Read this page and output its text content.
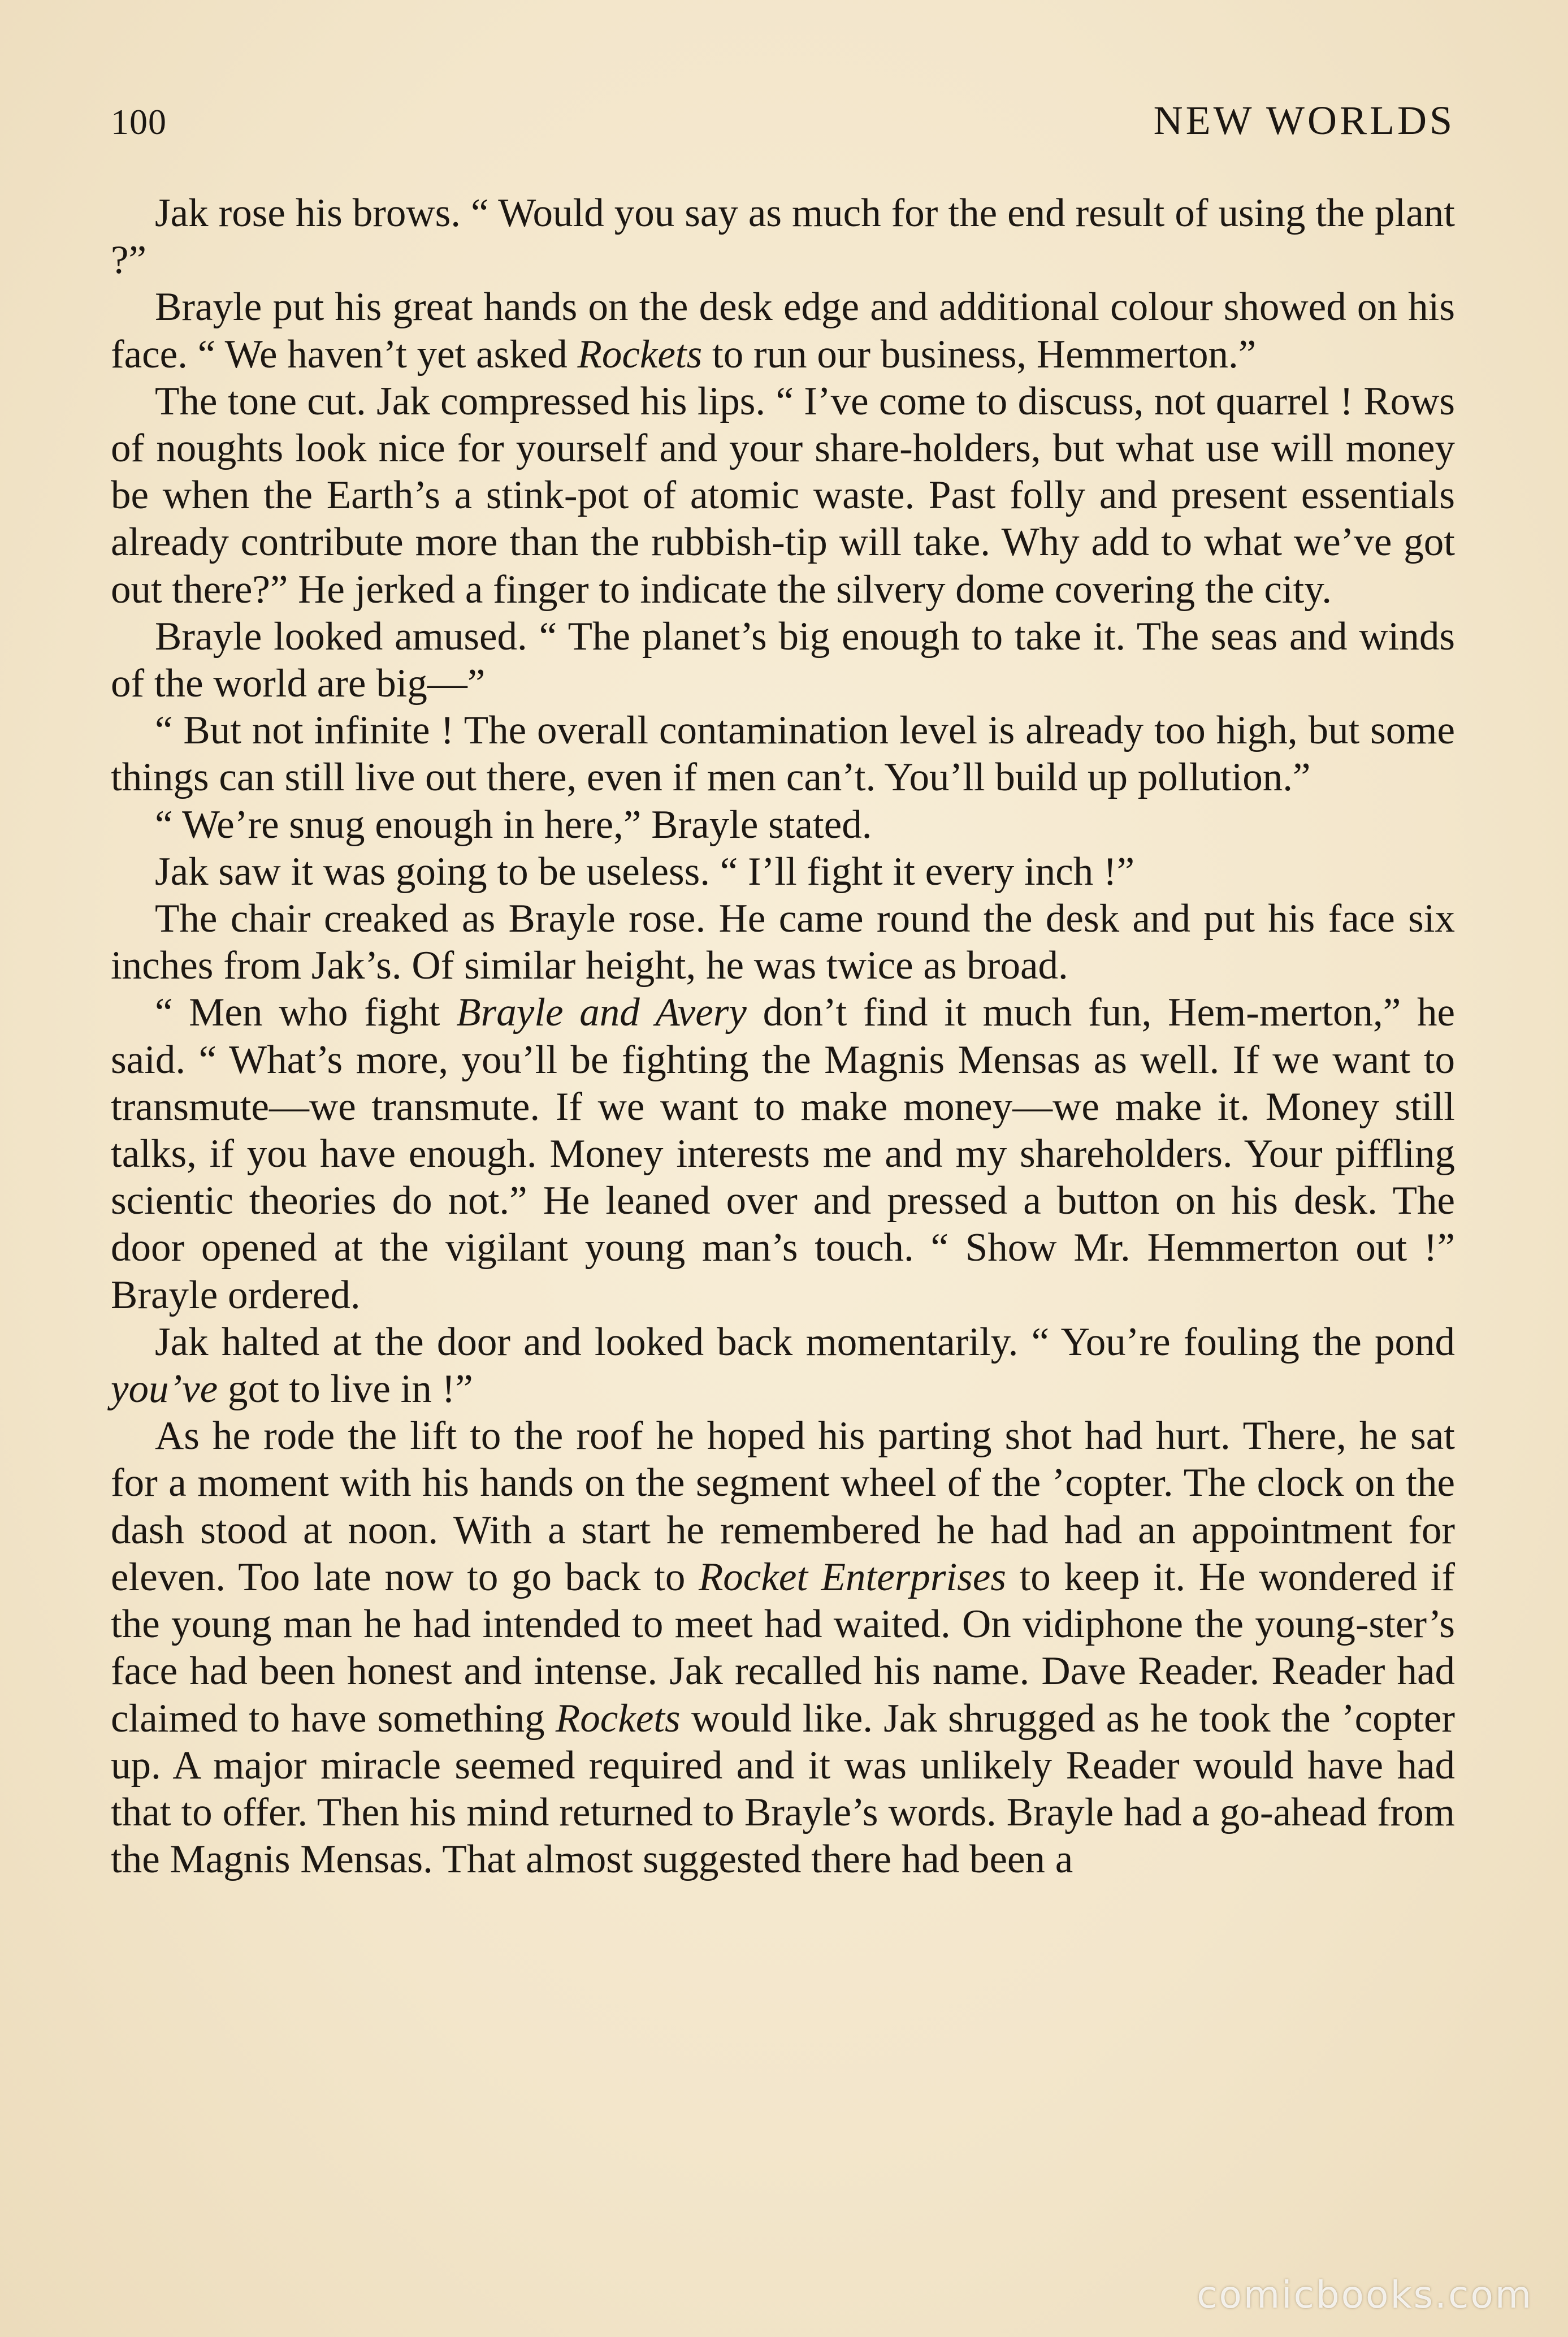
100	NEW WORLDS

Jak rose his brows. “ Would you say as much for the end result of using the plant ?”

Brayle put his great hands on the desk edge and additional colour showed on his face. “ We haven’t yet asked Rockets to run our business, Hemmerton.”

The tone cut. Jak compressed his lips. “ I’ve come to discuss, not quarrel ! Rows of noughts look nice for yourself and your share-holders, but what use will money be when the Earth’s a stink-pot of atomic waste. Past folly and present essentials already contribute more than the rubbish-tip will take. Why add to what we’ve got out there?” He jerked a finger to indicate the silvery dome covering the city.

Brayle looked amused. “ The planet’s big enough to take it. The seas and winds of the world are big—”

“ But not infinite ! The overall contamination level is already too high, but some things can still live out there, even if men can’t. You’ll build up pollution.”

“ We’re snug enough in here,” Brayle stated.

Jak saw it was going to be useless. “ I’ll fight it every inch !”

The chair creaked as Brayle rose. He came round the desk and put his face six inches from Jak’s. Of similar height, he was twice as broad.

“ Men who fight Brayle and Avery don’t find it much fun, Hem-merton,” he said. “ What’s more, you’ll be fighting the Magnis Mensas as well. If we want to transmute—we transmute. If we want to make money—we make it. Money still talks, if you have enough. Money interests me and my shareholders. Your piffling scientic theories do not.” He leaned over and pressed a button on his desk. The door opened at the vigilant young man’s touch. “ Show Mr. Hemmerton out !” Brayle ordered.

Jak halted at the door and looked back momentarily. “ You’re fouling the pond you’ve got to live in !”

As he rode the lift to the roof he hoped his parting shot had hurt. There, he sat for a moment with his hands on the segment wheel of the ’copter. The clock on the dash stood at noon. With a start he remembered he had had an appointment for eleven. Too late now to go back to Rocket Enterprises to keep it. He wondered if the young man he had intended to meet had waited. On vidiphone the young-ster’s face had been honest and intense. Jak recalled his name. Dave Reader. Reader had claimed to have something Rockets would like. Jak shrugged as he took the ’copter up. A major miracle seemed required and it was unlikely Reader would have had that to offer. Then his mind returned to Brayle’s words. Brayle had a go-ahead from the Magnis Mensas. That almost suggested there had been a

comicbooks.com
